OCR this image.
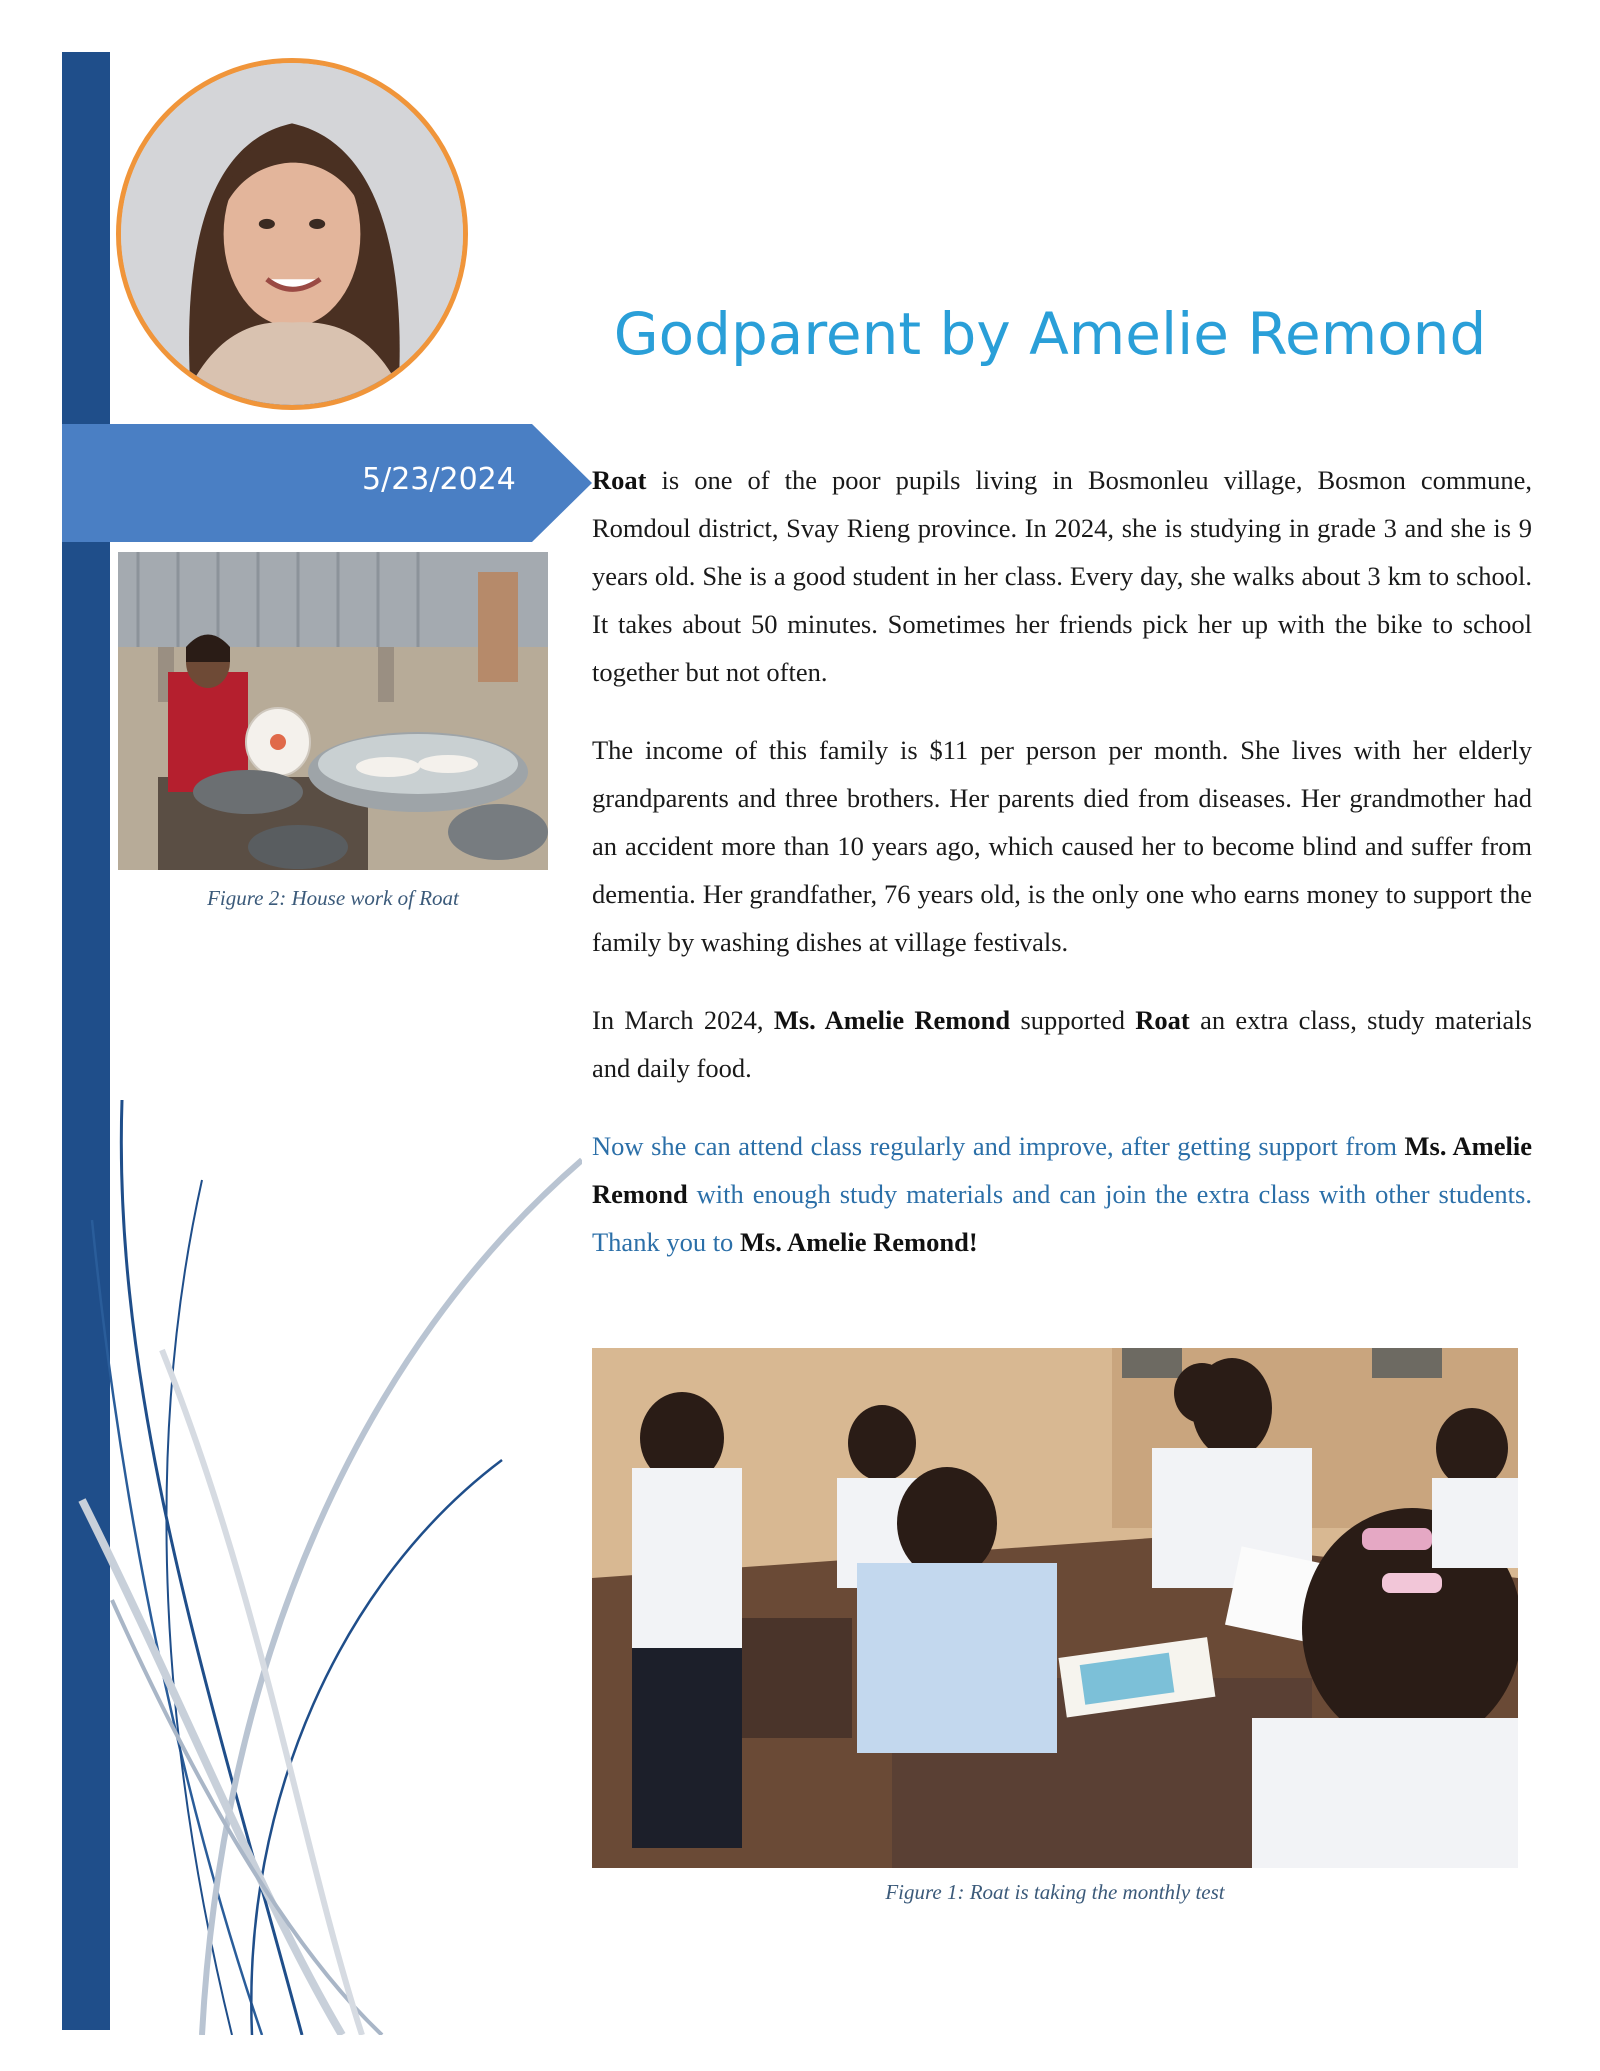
Godparent by Amelie Remond
5/23/2024
Figure 2: House work of Roat

Roat is one of the poor pupils living in Bosmonleu village, Bosmon commune, Romdoul district, Svay Rieng province. In 2024, she is studying in grade 3 and she is 9 years old. She is a good student in her class. Every day, she walks about 3 km to school. It takes about 50 minutes. Sometimes her friends pick her up with the bike to school together but not often.

The income of this family is $11 per person per month. She lives with her elderly grandparents and three brothers. Her parents died from diseases. Her grandmother had an accident more than 10 years ago, which caused her to become blind and suffer from dementia. Her grandfather, 76 years old, is the only one who earns money to support the family by washing dishes at village festivals.

In March 2024, Ms. Amelie Remond supported Roat an extra class, study materials and daily food.

Now she can attend class regularly and improve, after getting support from Ms. Amelie Remond with enough study materials and can join the extra class with other students. Thank you to Ms. Amelie Remond!

Figure 1: Roat is taking the monthly test
